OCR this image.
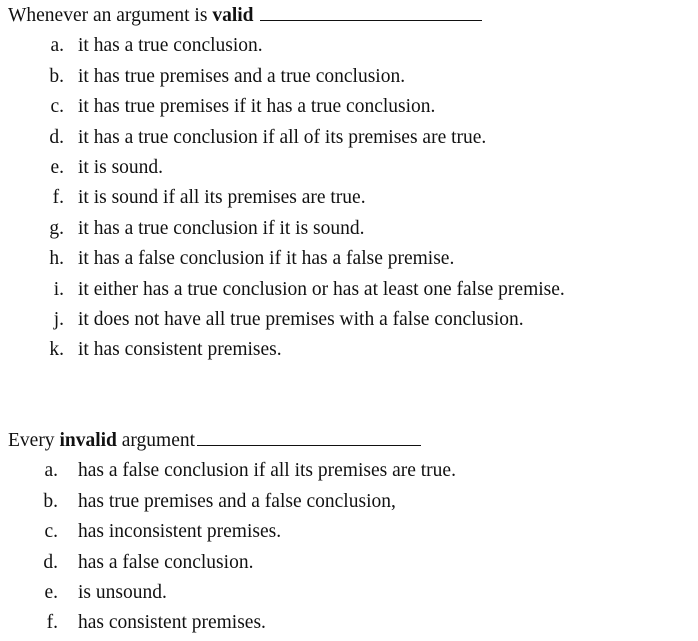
Whenever an argument is valid
a. it has a true conclusion.
b. it has true premises and a true conclusion.
c. it has true premises if it has a true conclusion.
d. it has a true conclusion if all of its premises are true.
e. it is sound.
f. it is sound if all its premises are true.
g. it has a true conclusion if it is sound.
h. it has a false conclusion if it has a false premise.
i. it either has a true conclusion or has at least one false premise.
j. it does not have all true premises with a false conclusion.
k. it has consistent premises.
Every invalid argument
a. has a false conclusion if all its premises are true.
b. has true premises and a false conclusion,
c. has inconsistent premises.
d. has a false conclusion.
e. is unsound.
f. has consistent premises.
